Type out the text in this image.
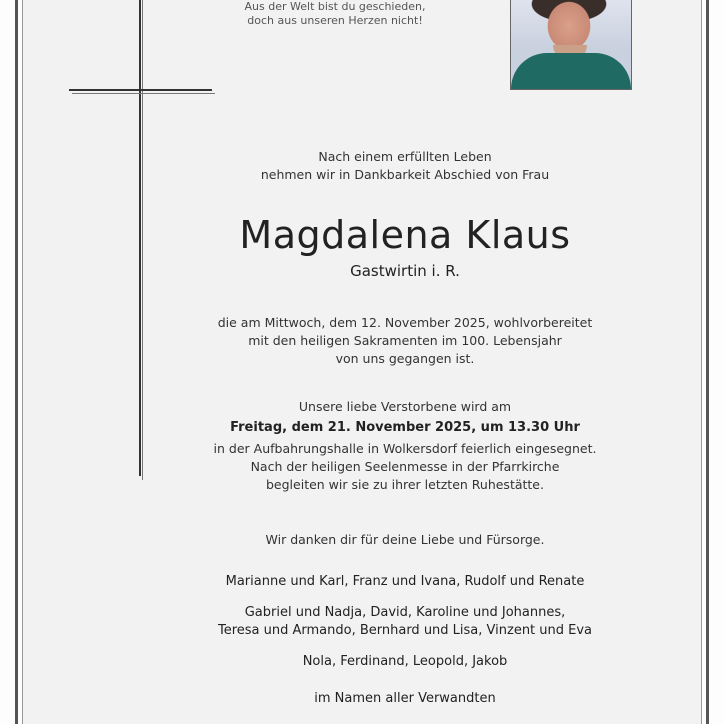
Aus der Welt bist du geschieden,
doch aus unseren Herzen nicht!
Nach einem erfüllten Leben
nehmen wir in Dankbarkeit Abschied von Frau
Magdalena Klaus
Gastwirtin i. R.
die am Mittwoch, dem 12. November 2025, wohlvorbereitet
mit den heiligen Sakramenten im 100. Lebensjahr
von uns gegangen ist.
Unsere liebe Verstorbene wird am
Freitag, dem 21. November 2025, um 13.30 Uhr
in der Aufbahrungshalle in Wolkersdorf feierlich eingesegnet.
Nach der heiligen Seelenmesse in der Pfarrkirche
begleiten wir sie zu ihrer letzten Ruhestätte.
Wir danken dir für deine Liebe und Fürsorge.
Marianne und Karl, Franz und Ivana, Rudolf und Renate
Gabriel und Nadja, David, Karoline und Johannes,
Teresa und Armando, Bernhard und Lisa, Vinzent und Eva
Nola, Ferdinand, Leopold, Jakob
im Namen aller Verwandten
